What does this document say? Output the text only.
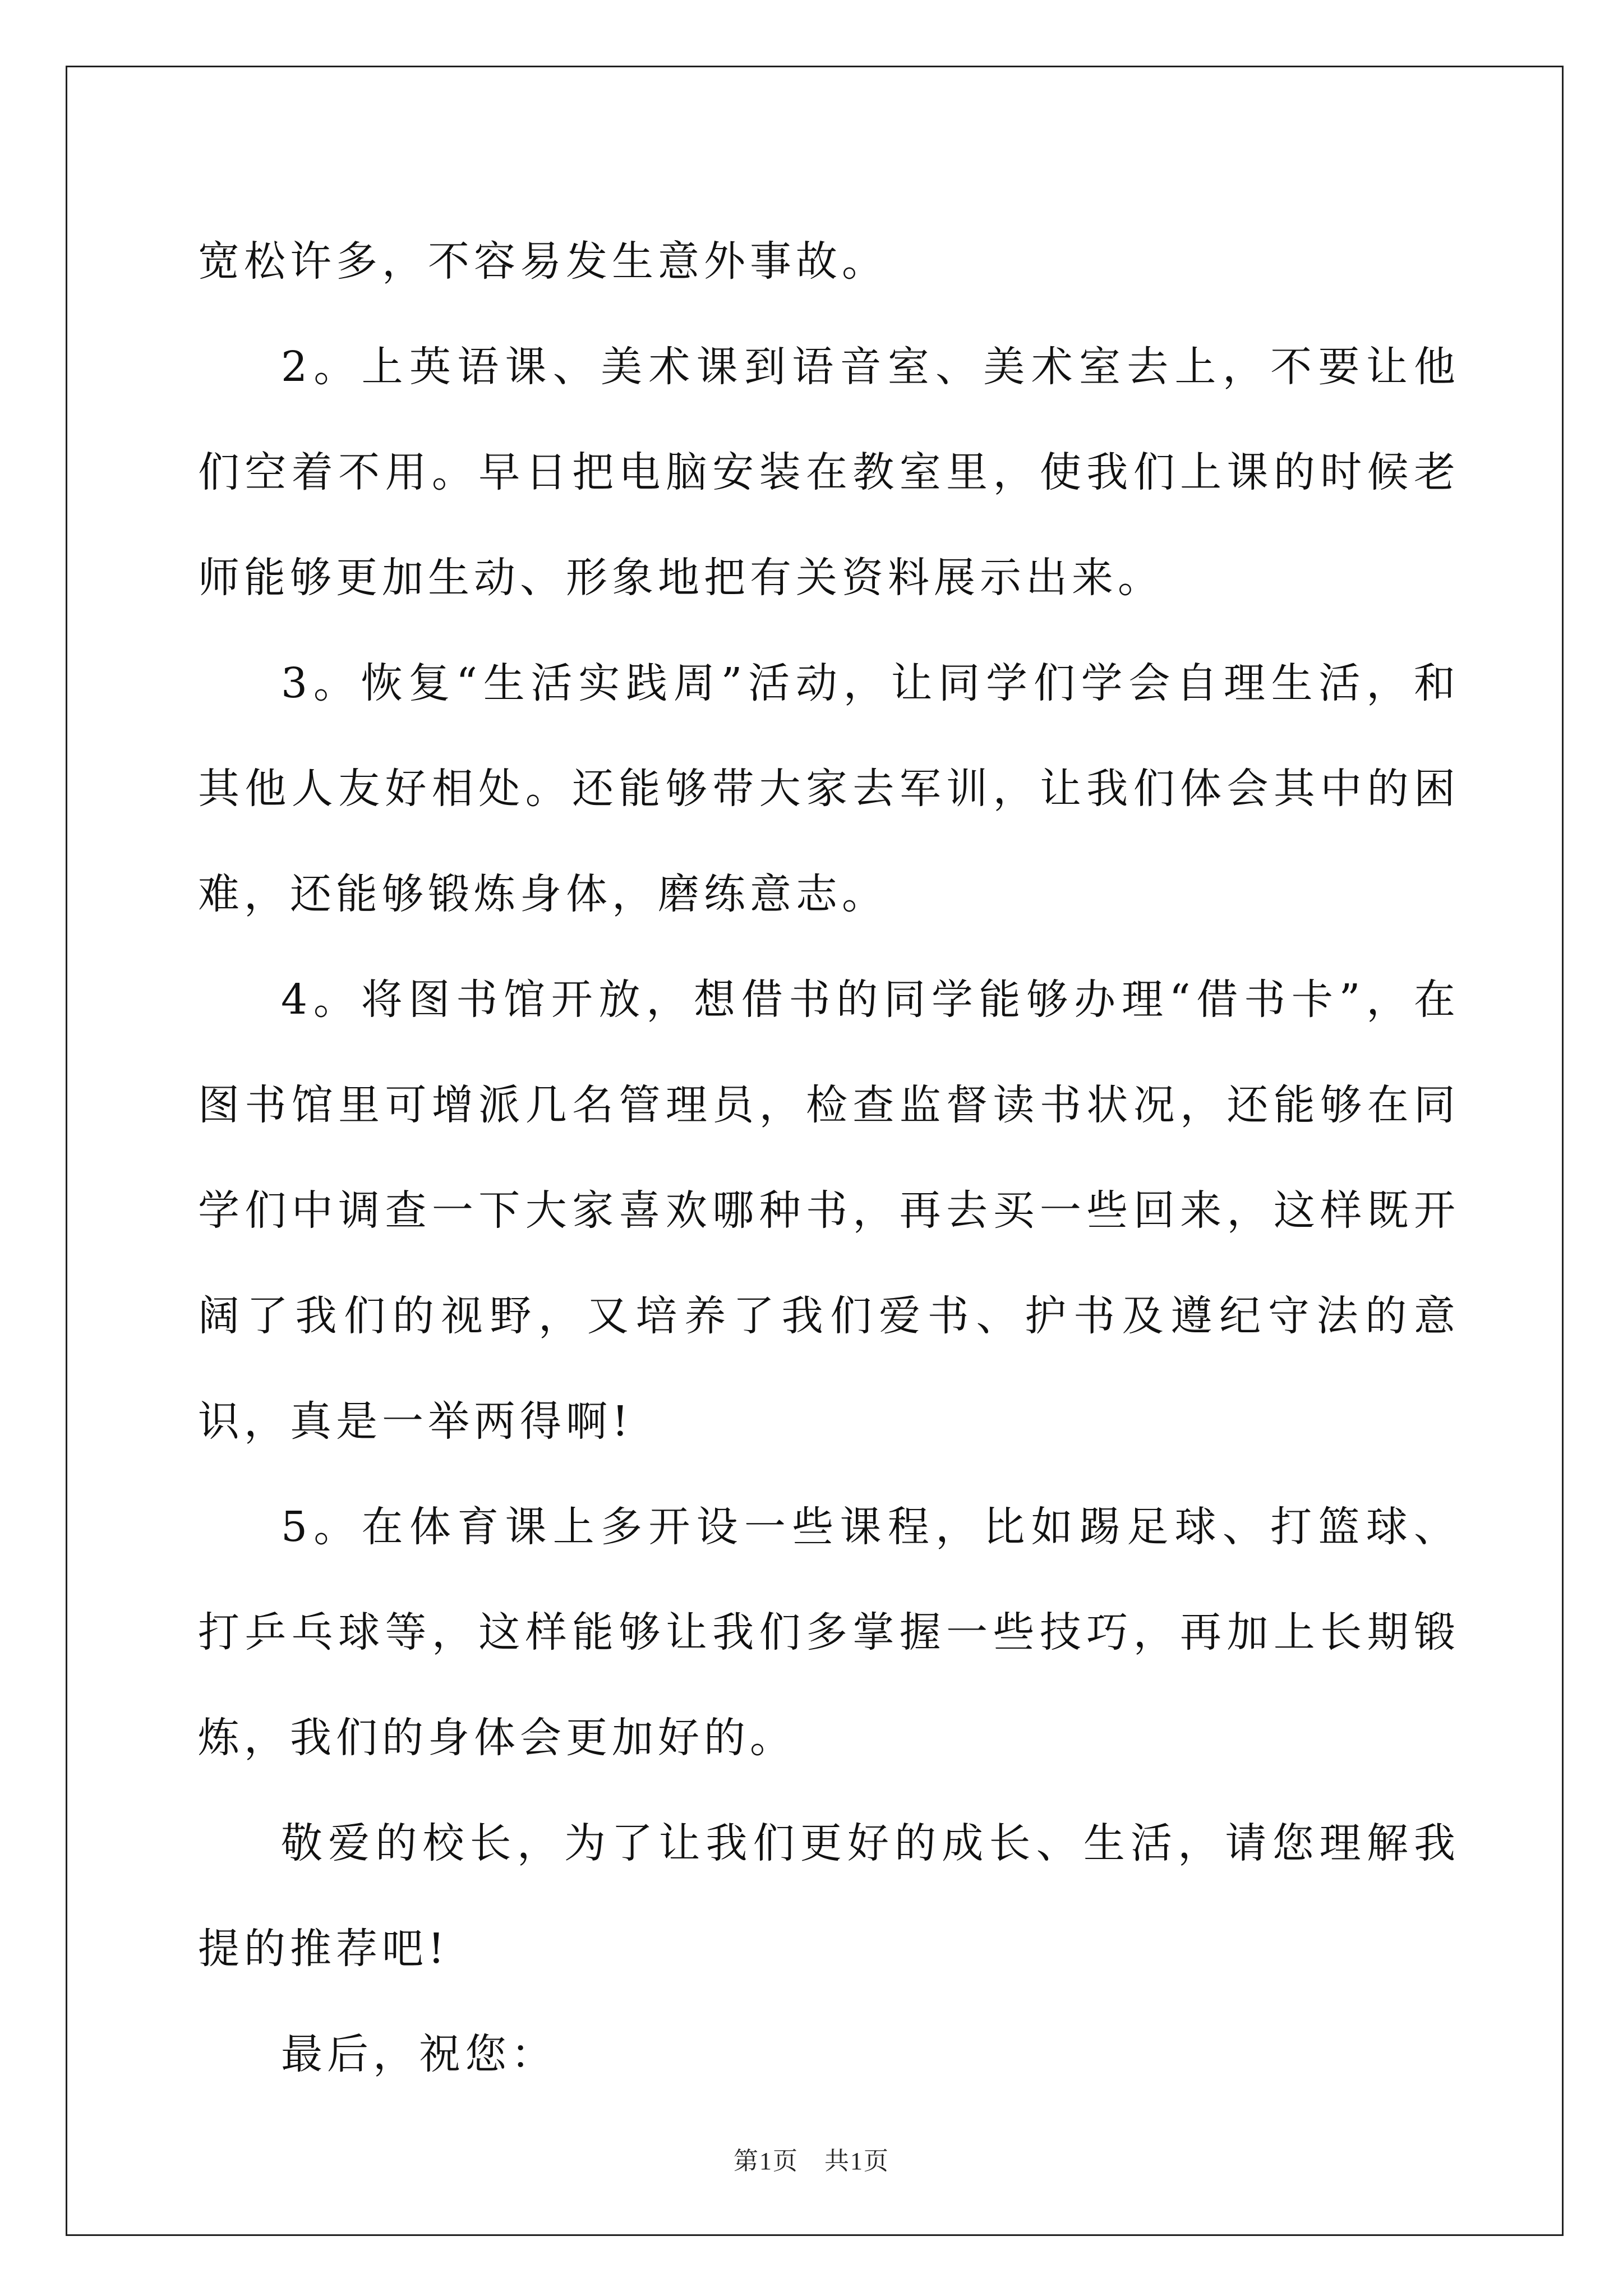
宽松许多，不容易发生意外事故。

2。上英语课、美术课到语音室、美术室去上，不要让他们空着不用。早日把电脑安装在教室里，使我们上课的时候老师能够更加生动、形象地把有关资料展示出来。

3。恢复“生活实践周”活动，让同学们学会自理生活，和其他人友好相处。还能够带大家去军训，让我们体会其中的困难，还能够锻炼身体，磨练意志。

4。将图书馆开放，想借书的同学能够办理“借书卡”，在图书馆里可增派几名管理员，检查监督读书状况，还能够在同学们中调查一下大家喜欢哪种书，再去买一些回来，这样既开阔了我们的视野，又培养了我们爱书、护书及遵纪守法的意识，真是一举两得啊!

5。在体育课上多开设一些课程，比如踢足球、打篮球、打乒乓球等，这样能够让我们多掌握一些技巧，再加上长期锻炼，我们的身体会更加好的。

敬爱的校长，为了让我们更好的成长、生活，请您理解我提的推荐吧!

最后，祝您：

第1页　共1页
